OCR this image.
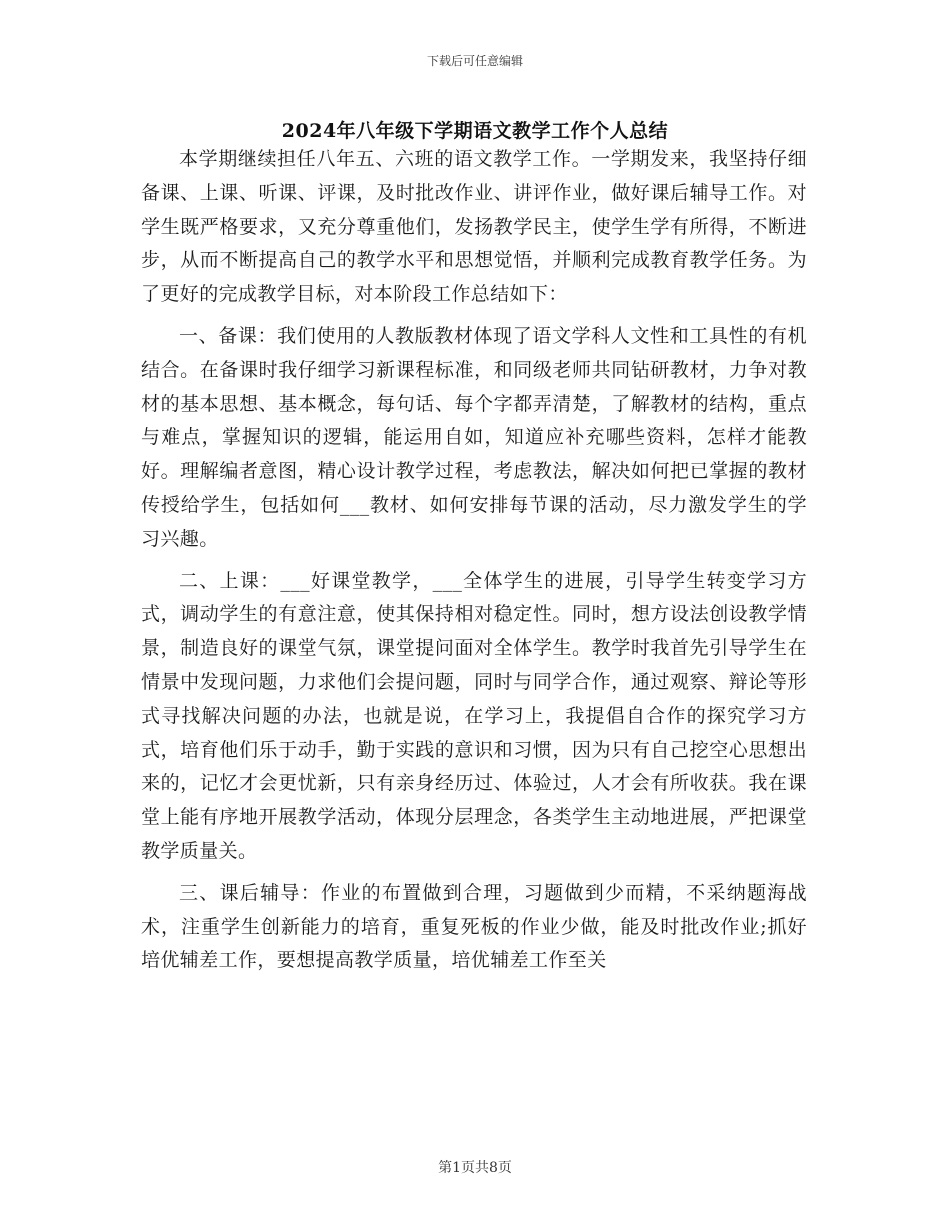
下载后可任意编辑
2024年八年级下学期语文教学工作个人总结

本学期继续担任八年五、六班的语文教学工作。一学期发来，我坚持仔细备课、上课、听课、评课，及时批改作业、讲评作业，做好课后辅导工作。对学生既严格要求，又充分尊重他们，发扬教学民主，使学生学有所得，不断进步，从而不断提高自己的教学水平和思想觉悟，并顺利完成教育教学任务。为了更好的完成教学目标，对本阶段工作总结如下：

一、备课：我们使用的人教版教材体现了语文学科人文性和工具性的有机结合。在备课时我仔细学习新课程标准，和同级老师共同钻研教材，力争对教材的基本思想、基本概念，每句话、每个字都弄清楚，了解教材的结构，重点与难点，掌握知识的逻辑，能运用自如，知道应补充哪些资料，怎样才能教好。理解编者意图，精心设计教学过程，考虑教法，解决如何把已掌握的教材传授给学生，包括如何___教材、如何安排每节课的活动，尽力激发学生的学习兴趣。

二、上课：___好课堂教学，___全体学生的进展，引导学生转变学习方式，调动学生的有意注意，使其保持相对稳定性。同时，想方设法创设教学情景，制造良好的课堂气氛，课堂提问面对全体学生。教学时我首先引导学生在情景中发现问题，力求他们会提问题，同时与同学合作，通过观察、辩论等形式寻找解决问题的办法，也就是说，在学习上，我提倡自合作的探究学习方式，培育他们乐于动手，勤于实践的意识和习惯，因为只有自己挖空心思想出来的，记忆才会更忧新，只有亲身经历过、体验过，人才会有所收获。我在课堂上能有序地开展教学活动，体现分层理念，各类学生主动地进展，严把课堂教学质量关。

三、课后辅导：作业的布置做到合理，习题做到少而精，不采纳题海战术，注重学生创新能力的培育，重复死板的作业少做，能及时批改作业;抓好培优辅差工作，要想提高教学质量，培优辅差工作至关

第1页共8页
